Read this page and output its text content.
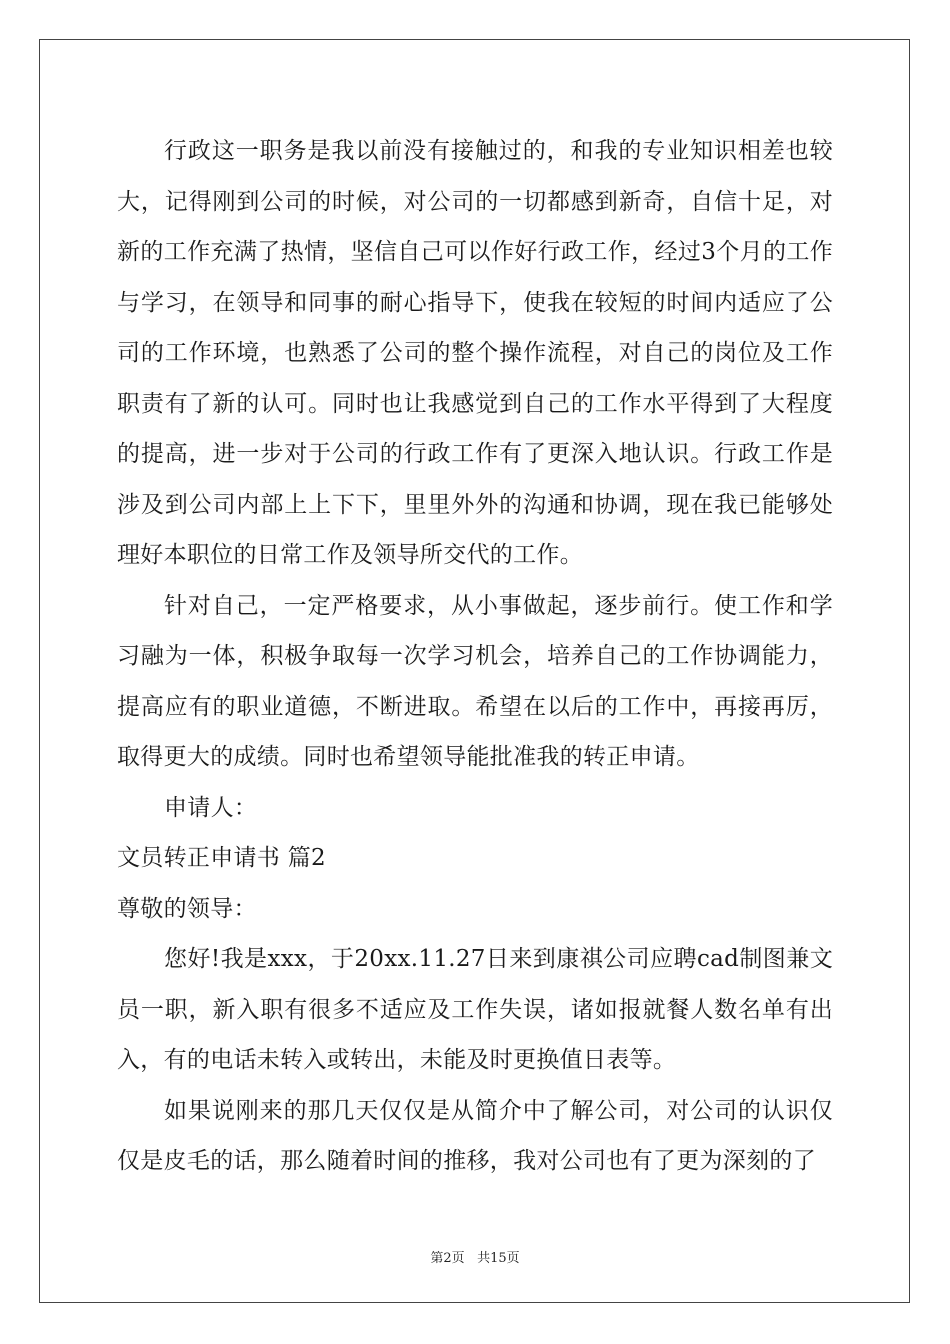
行政这一职务是我以前没有接触过的，和我的专业知识相差也较大，记得刚到公司的时候，对公司的一切都感到新奇，自信十足，对新的工作充满了热情，坚信自己可以作好行政工作，经过3个月的工作与学习，在领导和同事的耐心指导下，使我在较短的时间内适应了公司的工作环境，也熟悉了公司的整个操作流程，对自己的岗位及工作职责有了新的认可。同时也让我感觉到自己的工作水平得到了大程度的提高，进一步对于公司的行政工作有了更深入地认识。行政工作是涉及到公司内部上上下下，里里外外的沟通和协调，现在我已能够处理好本职位的日常工作及领导所交代的工作。

针对自己，一定严格要求，从小事做起，逐步前行。使工作和学习融为一体，积极争取每一次学习机会，培养自己的工作协调能力，提高应有的职业道德，不断进取。希望在以后的工作中，再接再厉，取得更大的成绩。同时也希望领导能批准我的转正申请。

申请人：

文员转正申请书 篇2

尊敬的领导：

您好!我是xxx，于20xx.11.27日来到康祺公司应聘cad制图兼文员一职，新入职有很多不适应及工作失误，诸如报就餐人数名单有出入，有的电话未转入或转出，未能及时更换值日表等。

如果说刚来的那几天仅仅是从简介中了解公司，对公司的认识仅仅是皮毛的话，那么随着时间的推移，我对公司也有了更为深刻的了

第2页 共15页
